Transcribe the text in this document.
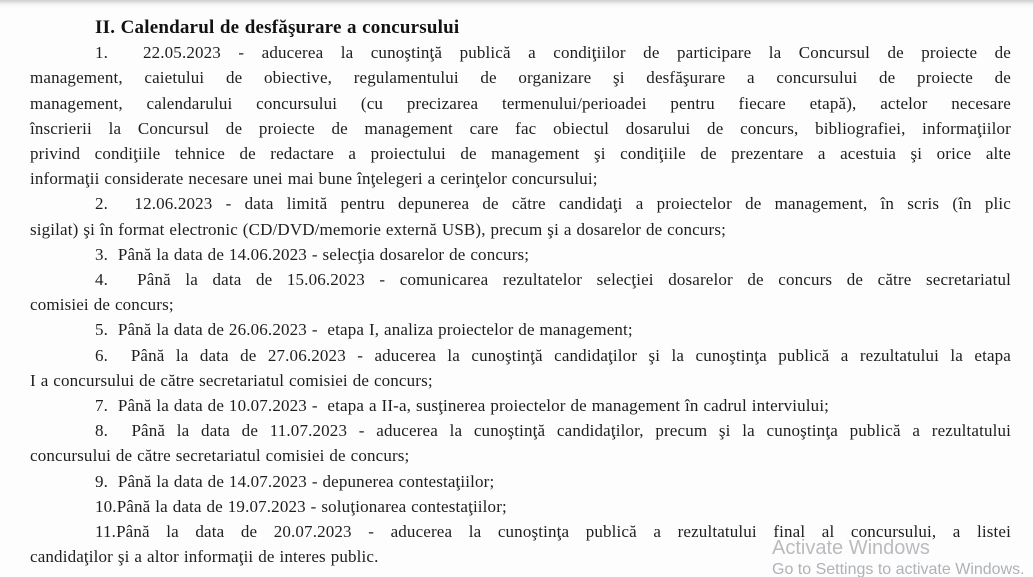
II. Calendarul de desfăşurare a concursului
1.  22.05.2023 - aducerea la cunoştinţă publică a condiţiilor de participare la Concursul de proiecte de
management, caietului de obiective, regulamentului de organizare şi desfăşurare a concursului de proiecte de
management, calendarului concursului (cu precizarea termenului/perioadei pentru fiecare etapă), actelor necesare
înscrierii la Concursul de proiecte de management care fac obiectul dosarului de concurs, bibliografiei, informaţiilor
privind condiţiile tehnice de redactare a proiectului de management şi condiţiile de prezentare a acestuia şi orice alte
informaţii considerate necesare unei mai bune înţelegeri a cerinţelor concursului;
2.  12.06.2023 - data limită pentru depunerea de către candidaţi a proiectelor de management, în scris (în plic
sigilat) şi în format electronic (CD/DVD/memorie externă USB), precum şi a dosarelor de concurs;
3.  Până la data de 14.06.2023 - selecţia dosarelor de concurs;
4.  Până la data de 15.06.2023 - comunicarea rezultatelor selecţiei dosarelor de concurs de către secretariatul
comisiei de concurs;
5.  Până la data de 26.06.2023 -  etapa I, analiza proiectelor de management;
6.  Până la data de 27.06.2023 - aducerea la cunoştinţă candidaţilor şi la cunoştinţa publică a rezultatului la etapa
I a concursului de către secretariatul comisiei de concurs;
7.  Până la data de 10.07.2023 -  etapa a II-a, susţinerea proiectelor de management în cadrul interviului;
8.  Până la data de 11.07.2023 - aducerea la cunoştinţă candidaţilor, precum şi la cunoştinţa publică a rezultatului
concursului de către secretariatul comisiei de concurs;
9.  Până la data de 14.07.2023 - depunerea contestaţiilor;
10.Până la data de 19.07.2023 - soluţionarea contestaţiilor;
11.Până la data de 20.07.2023 - aducerea la cunoştinţa publică a rezultatului final al concursului, a listei
candidaţilor şi a altor informaţii de interes public.	Activate Windows
Go to Settings to activate Windows.
